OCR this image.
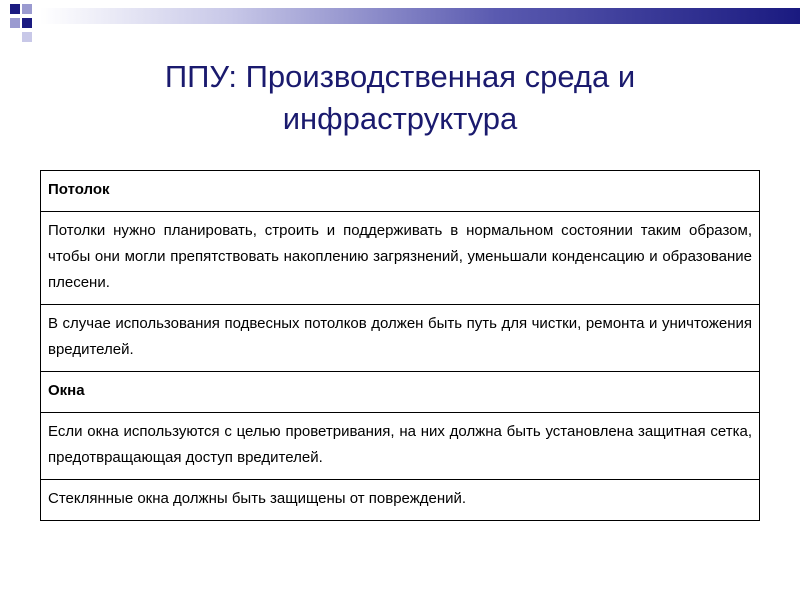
ППУ: Производственная среда и
инфраструктура
Потолок
Потолки нужно планировать, строить и поддерживать в нормальном состоянии таким образом, чтобы они могли препятствовать накоплению загрязнений, уменьшали конденсацию и образование плесени.
В случае использования подвесных потолков должен быть путь для чистки, ремонта и уничтожения вредителей.
Окна
Если окна используются с целью проветривания, на них должна быть установлена защитная сетка, предотвращающая доступ вредителей.
Стеклянные окна должны быть защищены от повреждений.
